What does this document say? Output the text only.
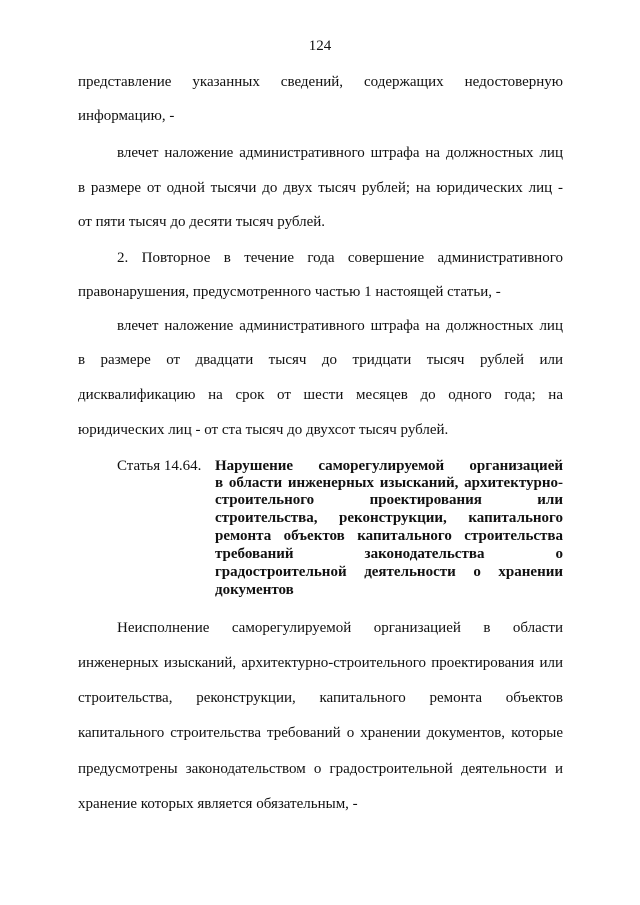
124
представление указанных сведений, содержащих недостоверную
информацию, -
влечет наложение административного штрафа на должностных лиц
в размере от одной тысячи до двух тысяч рублей; на юридических лиц -
от пяти тысяч до десяти тысяч рублей.
2. Повторное в течение года совершение административного
правонарушения, предусмотренного частью 1 настоящей статьи, -
влечет наложение административного штрафа на должностных лиц
в размере от двадцати тысяч до тридцати тысяч рублей или
дисквалификацию на срок от шести месяцев до одного года; на
юридических лиц - от ста тысяч до двухсот тысяч рублей.
Статья 14.64. Нарушение саморегулируемой организацией
в области инженерных изысканий, архитектурно-
строительного проектирования или
строительства, реконструкции, капитального
ремонта объектов капитального строительства
требований законодательства о
градостроительной деятельности о хранении
документов
Неисполнение саморегулируемой организацией в области
инженерных изысканий, архитектурно-строительного проектирования или
строительства, реконструкции, капитального ремонта объектов
капитального строительства требований о хранении документов, которые
предусмотрены законодательством о градостроительной деятельности и
хранение которых является обязательным, -
